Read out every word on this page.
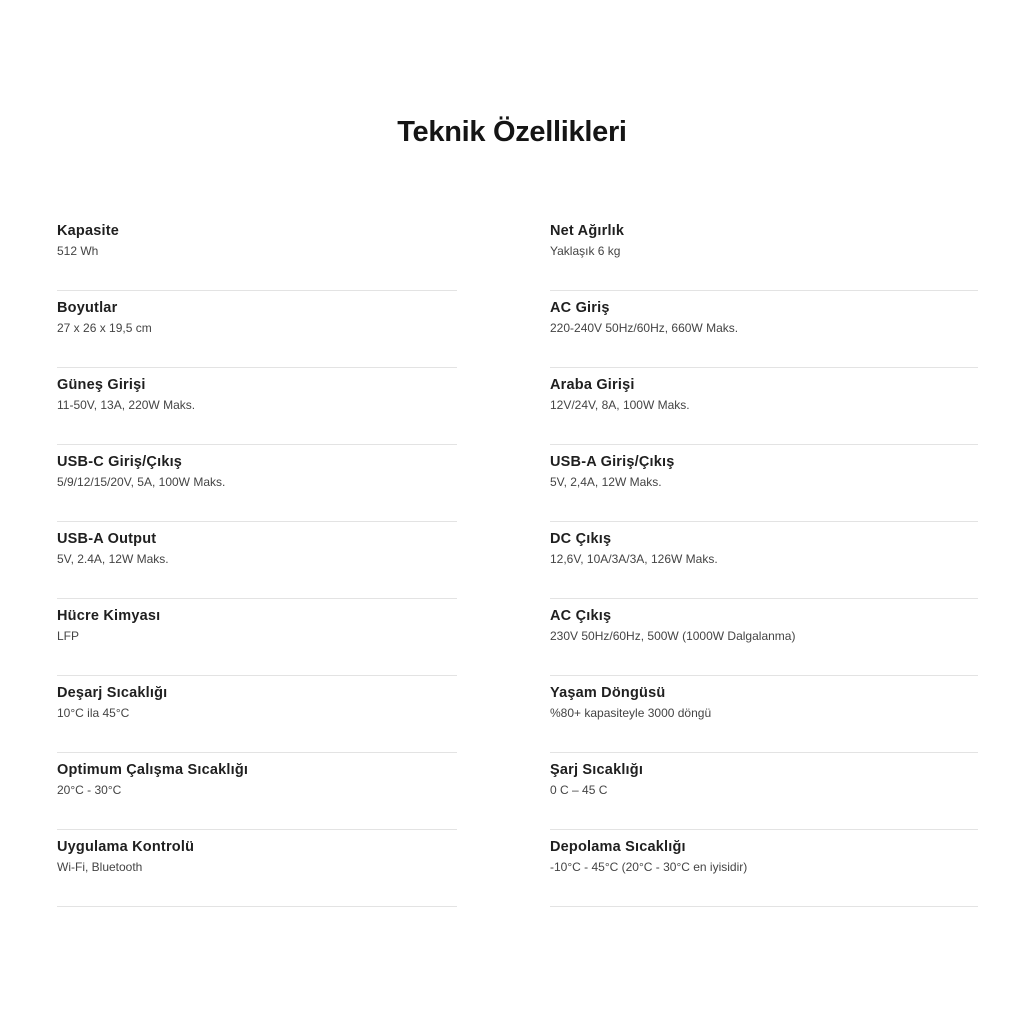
Teknik Özellikleri
Kapasite
512 Wh
Boyutlar
27 x 26 x 19,5 cm
Güneş Girişi
11-50V, 13A, 220W Maks.
USB-C Giriş/Çıkış
5/9/12/15/20V, 5A, 100W Maks.
USB-A Output
5V, 2.4A, 12W Maks.
Hücre Kimyası
LFP
Deşarj Sıcaklığı
10°C ila 45°C
Optimum Çalışma Sıcaklığı
20°C - 30°C
Uygulama Kontrolü
Wi-Fi, Bluetooth
Net Ağırlık
Yaklaşık 6 kg
AC Giriş
220-240V 50Hz/60Hz, 660W Maks.
Araba Girişi
12V/24V, 8A, 100W Maks.
USB-A Giriş/Çıkış
5V, 2,4A, 12W Maks.
DC Çıkış
12,6V, 10A/3A/3A, 126W Maks.
AC Çıkış
230V 50Hz/60Hz, 500W (1000W Dalgalanma)
Yaşam Döngüsü
%80+ kapasiteyle 3000 döngü
Şarj Sıcaklığı
0 C – 45 C
Depolama Sıcaklığı
-10°C - 45°C (20°C - 30°C en iyisidir)
